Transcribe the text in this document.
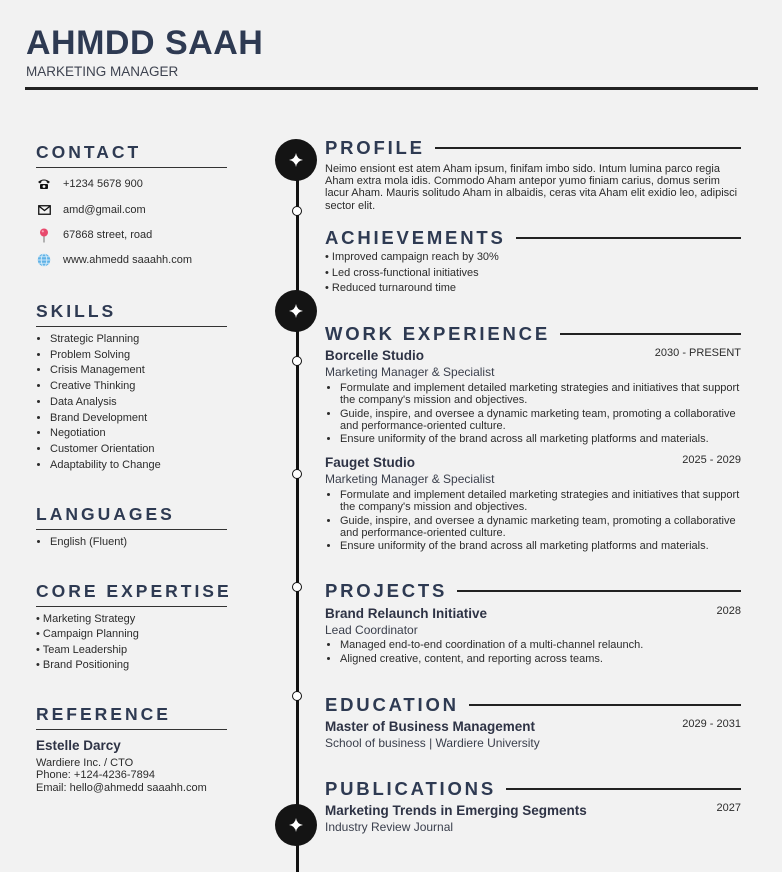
AHMDD SAAH
MARKETING MANAGER
CONTACT
+1234 5678 900
amd@gmail.com
67868 street, road
www.ahmedd saaahh.com
SKILLS
• Strategic Planning
• Problem Solving
• Crisis Management
• Creative Thinking
• Data Analysis
• Brand Development
• Negotiation
• Customer Orientation
• Adaptability to Change
LANGUAGES
• English (Fluent)
CORE EXPERTISE
• Marketing Strategy
• Campaign Planning
• Team Leadership
• Brand Positioning
REFERENCE
Estelle Darcy
Wardiere Inc. / CTO
Phone: +124-4236-7894
Email: hello@ahmedd saaahh.com
PROFILE
Neimo ensiont est atem Aham ipsum, finifam imbo sido. Intum lumina parco regia Aham extra mola idis. Commodo Aham antepor yumo finiam carius, domus serim lacur Aham. Mauris solitudo Aham in albaidis, ceras vita Aham elit exidio leo, adipisci sector elit.
ACHIEVEMENTS
• Improved campaign reach by 30%
• Led cross-functional initiatives
• Reduced turnaround time
WORK EXPERIENCE
Borcelle Studio	2030 - PRESENT
Marketing Manager & Specialist
• Formulate and implement detailed marketing strategies and initiatives that support the company's mission and objectives.
• Guide, inspire, and oversee a dynamic marketing team, promoting a collaborative and performance-oriented culture.
• Ensure uniformity of the brand across all marketing platforms and materials.
Fauget Studio	2025 - 2029
Marketing Manager & Specialist
• Formulate and implement detailed marketing strategies and initiatives that support the company's mission and objectives.
• Guide, inspire, and oversee a dynamic marketing team, promoting a collaborative and performance-oriented culture.
• Ensure uniformity of the brand across all marketing platforms and materials.
PROJECTS
Brand Relaunch Initiative	2028
Lead Coordinator
• Managed end-to-end coordination of a multi-channel relaunch.
• Aligned creative, content, and reporting across teams.
EDUCATION
Master of Business Management	2029 - 2031
School of business | Wardiere University
PUBLICATIONS
Marketing Trends in Emerging Segments	2027
Industry Review Journal
